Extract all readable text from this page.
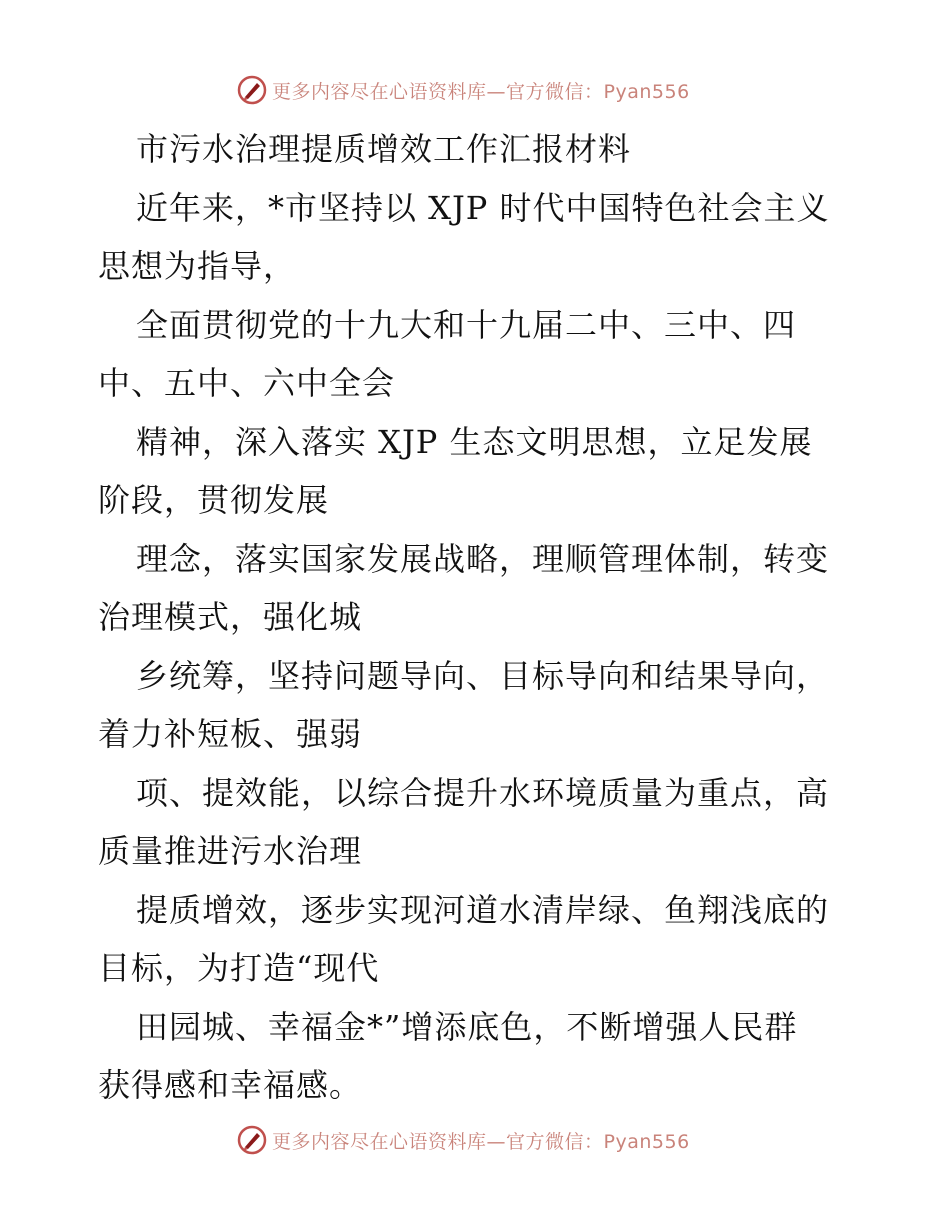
更多内容尽在心语资料库—官方微信：Pyan556
市污水治理提质增效工作汇报材料
近年来，*市坚持以 XJP 时代中国特色社会主义
思想为指导，
全面贯彻党的十九大和十九届二中、三中、四
中、五中、六中全会
精神，深入落实 XJP 生态文明思想，立足发展
阶段，贯彻发展
理念，落实国家发展战略，理顺管理体制，转变
治理模式，强化城
乡统筹，坚持问题导向、目标导向和结果导向，
着力补短板、强弱
项、提效能，以综合提升水环境质量为重点，高
质量推进污水治理
提质增效，逐步实现河道水清岸绿、鱼翔浅底的
目标，为打造“现代
田园城、幸福金*”增添底色，不断增强人民群
获得感和幸福感。
更多内容尽在心语资料库—官方微信：Pyan556
